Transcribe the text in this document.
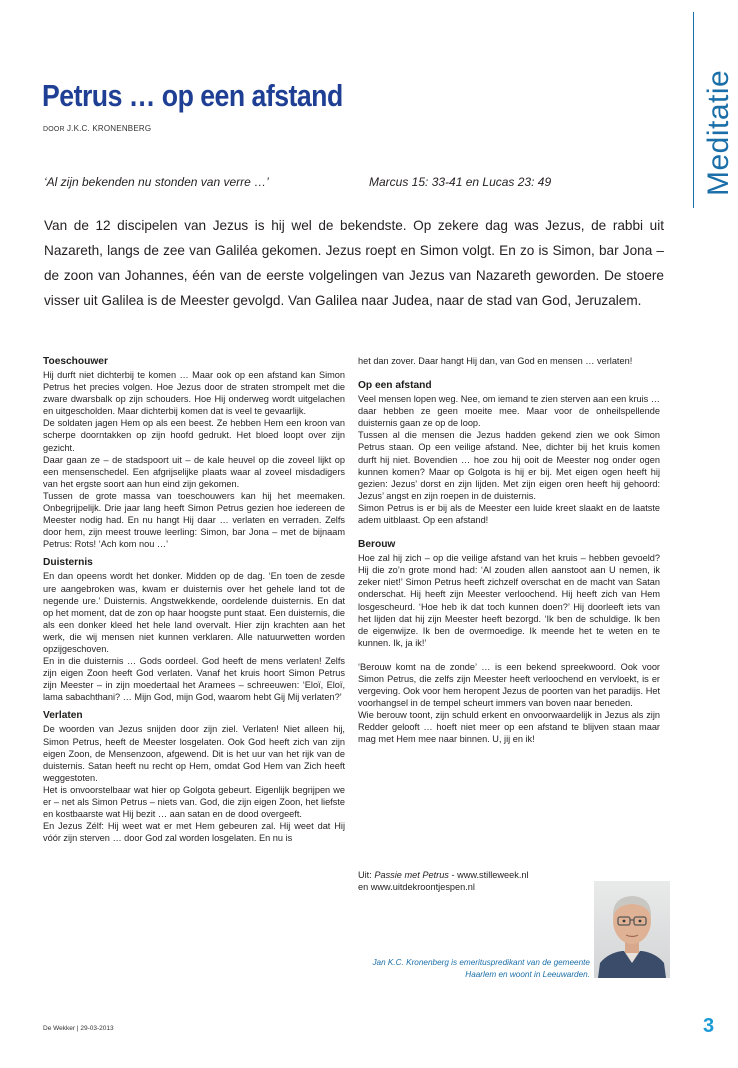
Meditatie
Petrus … op een afstand
DOOR J.K.C. KRONENBERG
‘Al zijn bekenden nu stonden van verre …’	Marcus 15: 33-41 en Lucas 23: 49

Van de 12 discipelen van Jezus is hij wel de bekendste. Op zekere dag was Jezus, de rabbi uit Nazareth, langs de zee van Galiléa gekomen. Jezus roept en Simon volgt. En zo is Simon, bar Jona – de zoon van Johannes, één van de eerste volgelingen van Jezus van Nazareth geworden. De stoere visser uit Galilea is de Meester gevolgd. Van Galilea naar Judea, naar de stad van God, Jeruzalem.

Toeschouwer

Hij durft niet dichterbij te komen … Maar ook op een afstand kan Simon Petrus het precies volgen. Hoe Jezus door de straten strompelt met die zware dwarsbalk op zijn schouders. Hoe Hij onderweg wordt uitgelachen en uitgescholden. Maar dichterbij komen dat is veel te gevaarlijk.

De soldaten jagen Hem op als een beest. Ze hebben Hem een kroon van scherpe doorntakken op zijn hoofd gedrukt. Het bloed loopt over zijn gezicht.

Daar gaan ze – de stadspoort uit – de kale heuvel op die zoveel lijkt op een mensenschedel. Een afgrijselijke plaats waar al zoveel misdadigers van het ergste soort aan hun eind zijn gekomen.

Tussen de grote massa van toeschouwers kan hij het meemaken. Onbegrijpelijk. Drie jaar lang heeft Simon Petrus gezien hoe iedereen de Meester nodig had. En nu hangt Hij daar … verlaten en verraden. Zelfs door hem, zijn meest trouwe leerling: Simon, bar Jona – met de bijnaam Petrus: Rots! ‘Ach kom nou …’

Duisternis

En dan opeens wordt het donker. Midden op de dag. ‘En toen de zesde ure aangebroken was, kwam er duisternis over het gehele land tot de negende ure.’ Duisternis. Angstwekkende, oordelende duisternis. En dat op het moment, dat de zon op haar hoogste punt staat. Een duisternis, die als een donker kleed het hele land overvalt. Hier zijn krachten aan het werk, die wij mensen niet kunnen verklaren. Alle natuurwetten worden opzijgeschoven.

En in die duisternis … Gods oordeel. God heeft de mens verlaten! Zelfs zijn eigen Zoon heeft God verlaten. Vanaf het kruis hoort Simon Petrus zijn Meester – in zijn moedertaal het Aramees – schreeuwen: ‘Eloï, Eloï, lama sabachthani? … Mijn God, mijn God, waarom hebt Gij Mij verlaten?’

Verlaten

De woorden van Jezus snijden door zijn ziel. Verlaten! Niet alleen hij, Simon Petrus, heeft de Meester losgelaten. Ook God heeft zich van zijn eigen Zoon, de Mensenzoon, afgewend. Dit is het uur van het rijk van de duisternis. Satan heeft nu recht op Hem, omdat God Hem van Zich heeft weggestoten.

Het is onvoorstelbaar wat hier op Golgota gebeurt. Eigenlijk begrijpen we er – net als Simon Petrus – niets van. God, die zijn eigen Zoon, het liefste en kostbaarste wat Hij bezit … aan satan en de dood overgeeft.

En Jezus Zélf: Hij weet wat er met Hem gebeuren zal. Hij weet dat Hij vóór zijn sterven … door God zal worden losgelaten. En nu is

het dan zover. Daar hangt Hij dan, van God en mensen … verlaten!

Op een afstand

Veel mensen lopen weg. Nee, om iemand te zien sterven aan een kruis … daar hebben ze geen moeite mee. Maar voor de onheilspellende duisternis gaan ze op de loop.

Tussen al die mensen die Jezus hadden gekend zien we ook Simon Petrus staan. Op een veilige afstand. Nee, dichter bij het kruis komen durft hij niet. Bovendien … hoe zou hij ooit de Meester nog onder ogen kunnen komen? Maar op Golgota is hij er bij. Met eigen ogen heeft hij gezien: Jezus’ dorst en zijn lijden. Met zijn eigen oren heeft hij gehoord: Jezus’ angst en zijn roepen in de duisternis.

Simon Petrus is er bij als de Meester een luide kreet slaakt en de laatste adem uitblaast. Op een afstand!

Berouw

Hoe zal hij zich – op die veilige afstand van het kruis – hebben gevoeld? Hij die zo’n grote mond had: ‘Al zouden allen aanstoot aan U nemen, ik zeker niet!’ Simon Petrus heeft zichzelf overschat en de macht van Satan onderschat. Hij heeft zijn Meester verloochend. Hij heeft zich van Hem losgescheurd. ‘Hoe heb ik dat toch kunnen doen?’ Hij doorleeft iets van het lijden dat hij zijn Meester heeft bezorgd. ‘Ik ben de schuldige. Ik ben de eigenwijze. Ik ben de overmoedige. Ik meende het te weten en te kunnen. Ik, ja ik!’

‘Berouw komt na de zonde’ … is een bekend spreekwoord. Ook voor Simon Petrus, die zelfs zijn Meester heeft verloochend en vervloekt, is er vergeving. Ook voor hem heropent Jezus de poorten van het paradijs. Het voorhangsel in de tempel scheurt immers van boven naar beneden.

Wie berouw toont, zijn schuld erkent en onvoorwaardelijk in Jezus als zijn Redder gelooft … hoeft niet meer op een afstand te blijven staan maar mag met Hem mee naar binnen. U, jij en ik!

Uit: Passie met Petrus - www.stilleweek.nl
en www.uitdekroontjespen.nl
Jan K.C. Kronenberg is emerituspredikant van de gemeente Haarlem en woont in Leeuwarden.
De Wekker | 29-03-2013	3
